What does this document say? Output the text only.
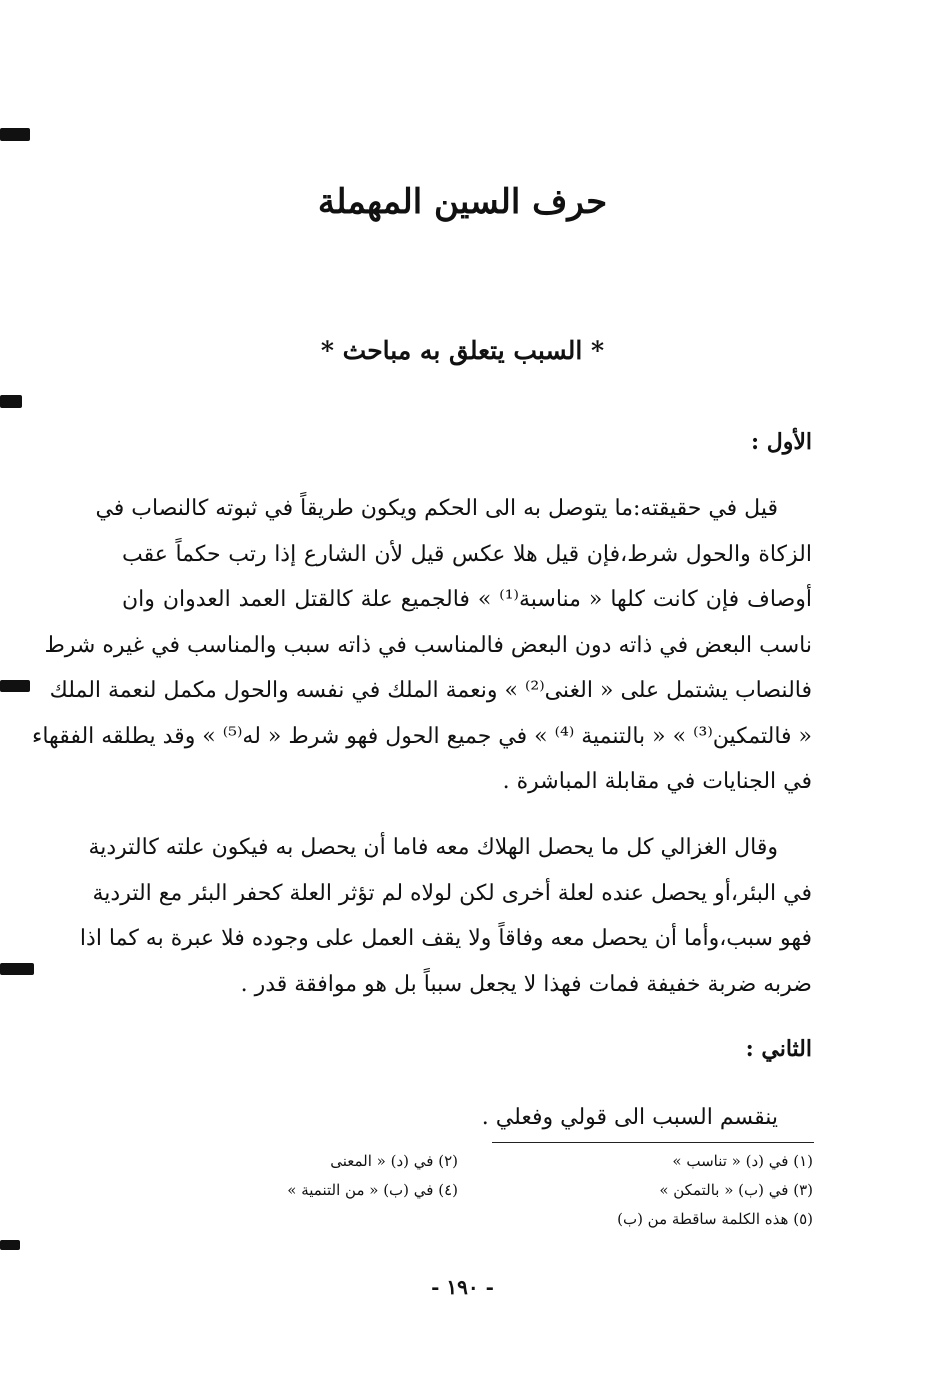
حرف السين المهملة
* السبب يتعلق به مباحث *
الأول :
قيل في حقيقته:ما يتوصل به الى الحكم ويكون طريقاً في ثبوته كالنصاب في
الزكاة والحول شرط،فإن قيل هلا عكس قيل لأن الشارع إذا رتب حكماً عقب
أوصاف فإن كانت كلها « مناسبة⁽¹⁾ » فالجميع علة كالقتل العمد العدوان وان
ناسب البعض في ذاته دون البعض فالمناسب في ذاته سبب والمناسب في غيره شرط
فالنصاب يشتمل على « الغنى⁽²⁾ » ونعمة الملك في نفسه والحول مكمل لنعمة الملك
« فالتمكين⁽³⁾ » « بالتنمية ⁽⁴⁾ » في جميع الحول فهو شرط « له⁽⁵⁾ » وقد يطلقه الفقهاء
في الجنايات في مقابلة المباشرة .
وقال الغزالي كل ما يحصل الهلاك معه فاما أن يحصل به فيكون علته كالتردية
في البئر،أو يحصل عنده لعلة أخرى لكن لولاه لم تؤثر العلة كحفر البئر مع التردية
فهو سبب،وأما أن يحصل معه وفاقاً ولا يقف العمل على وجوده فلا عبرة به كما اذا
ضربه ضربة خفيفة فمات فهذا لا يجعل سبباً بل هو موافقة قدر .
الثاني :
ينقسم السبب الى قولي وفعلي .
(١) في (د) « تناسب »
(٢) في (د) « المعنى
(٣) في (ب) « بالتمكن »
(٤) في (ب) « من التنمية »
(٥) هذه الكلمة ساقطة من (ب)
- ١٩٠ -
